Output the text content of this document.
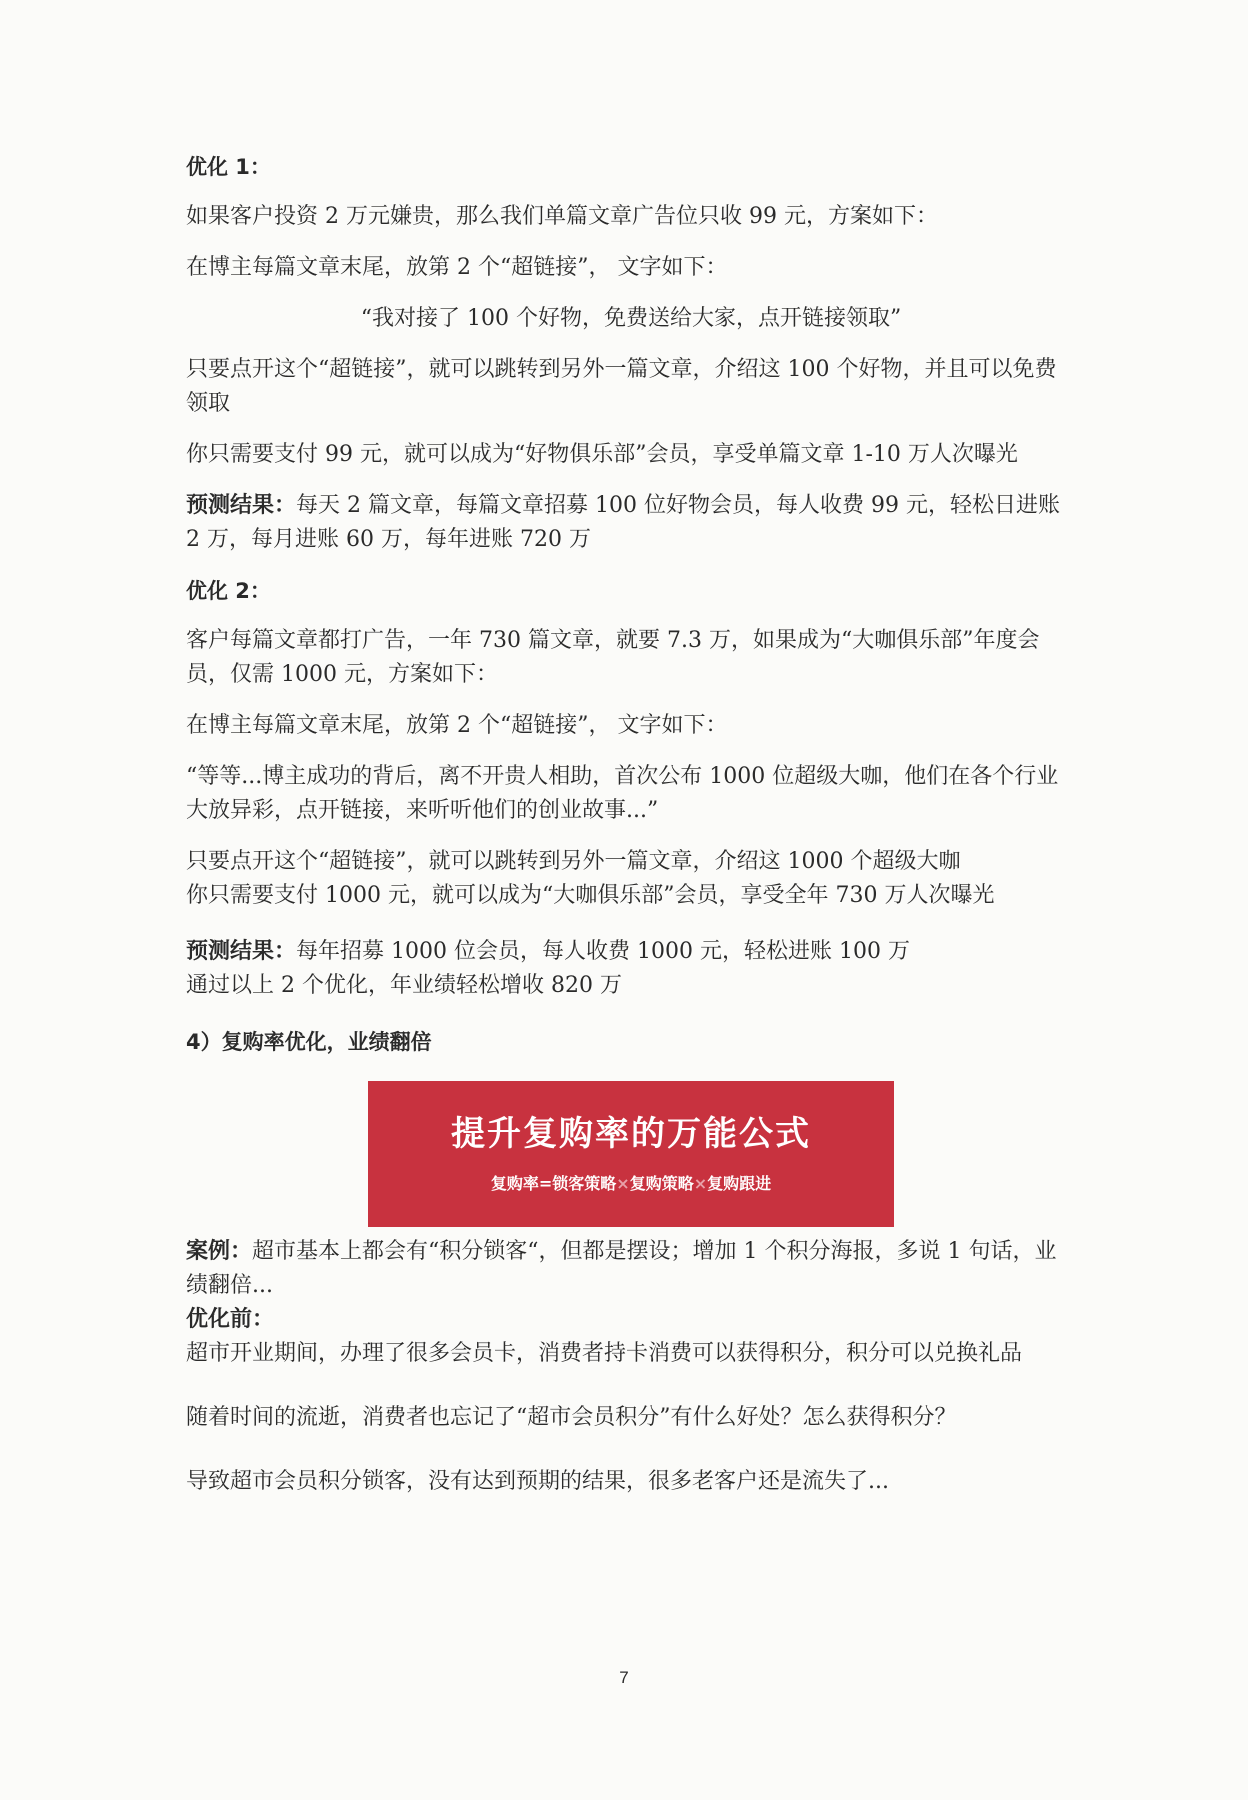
优化 1：

如果客户投资 2 万元嫌贵，那么我们单篇文章广告位只收 99 元，方案如下：

在博主每篇文章末尾，放第 2 个“超链接”， 文字如下：

“我对接了 100 个好物，免费送给大家，点开链接领取”

只要点开这个“超链接”，就可以跳转到另外一篇文章，介绍这 100 个好物，并且可以免费领取

你只需要支付 99 元，就可以成为“好物俱乐部”会员，享受单篇文章 1-10 万人次曝光

预测结果：每天 2 篇文章，每篇文章招募 100 位好物会员，每人收费 99 元，轻松日进账 2 万，每月进账 60 万，每年进账 720 万

优化 2：

客户每篇文章都打广告，一年 730 篇文章，就要 7.3 万，如果成为“大咖俱乐部”年度会员，仅需 1000 元，方案如下：

在博主每篇文章末尾，放第 2 个“超链接”， 文字如下：

“等等...博主成功的背后，离不开贵人相助，首次公布 1000 位超级大咖，他们在各个行业大放异彩，点开链接，来听听他们的创业故事...”

只要点开这个“超链接”，就可以跳转到另外一篇文章，介绍这 1000 个超级大咖

你只需要支付 1000 元，就可以成为“大咖俱乐部”会员，享受全年 730 万人次曝光

预测结果：每年招募 1000 位会员，每人收费 1000 元，轻松进账 100 万

通过以上 2 个优化，年业绩轻松增收 820 万

4）复购率优化，业绩翻倍

提升复购率的万能公式
复购率=锁客策略×复购策略×复购跟进

案例：超市基本上都会有“积分锁客“，但都是摆设；增加 1 个积分海报，多说 1 句话，业绩翻倍...

优化前：

超市开业期间，办理了很多会员卡，消费者持卡消费可以获得积分，积分可以兑换礼品

随着时间的流逝，消费者也忘记了“超市会员积分”有什么好处？怎么获得积分？

导致超市会员积分锁客，没有达到预期的结果，很多老客户还是流失了...

7
